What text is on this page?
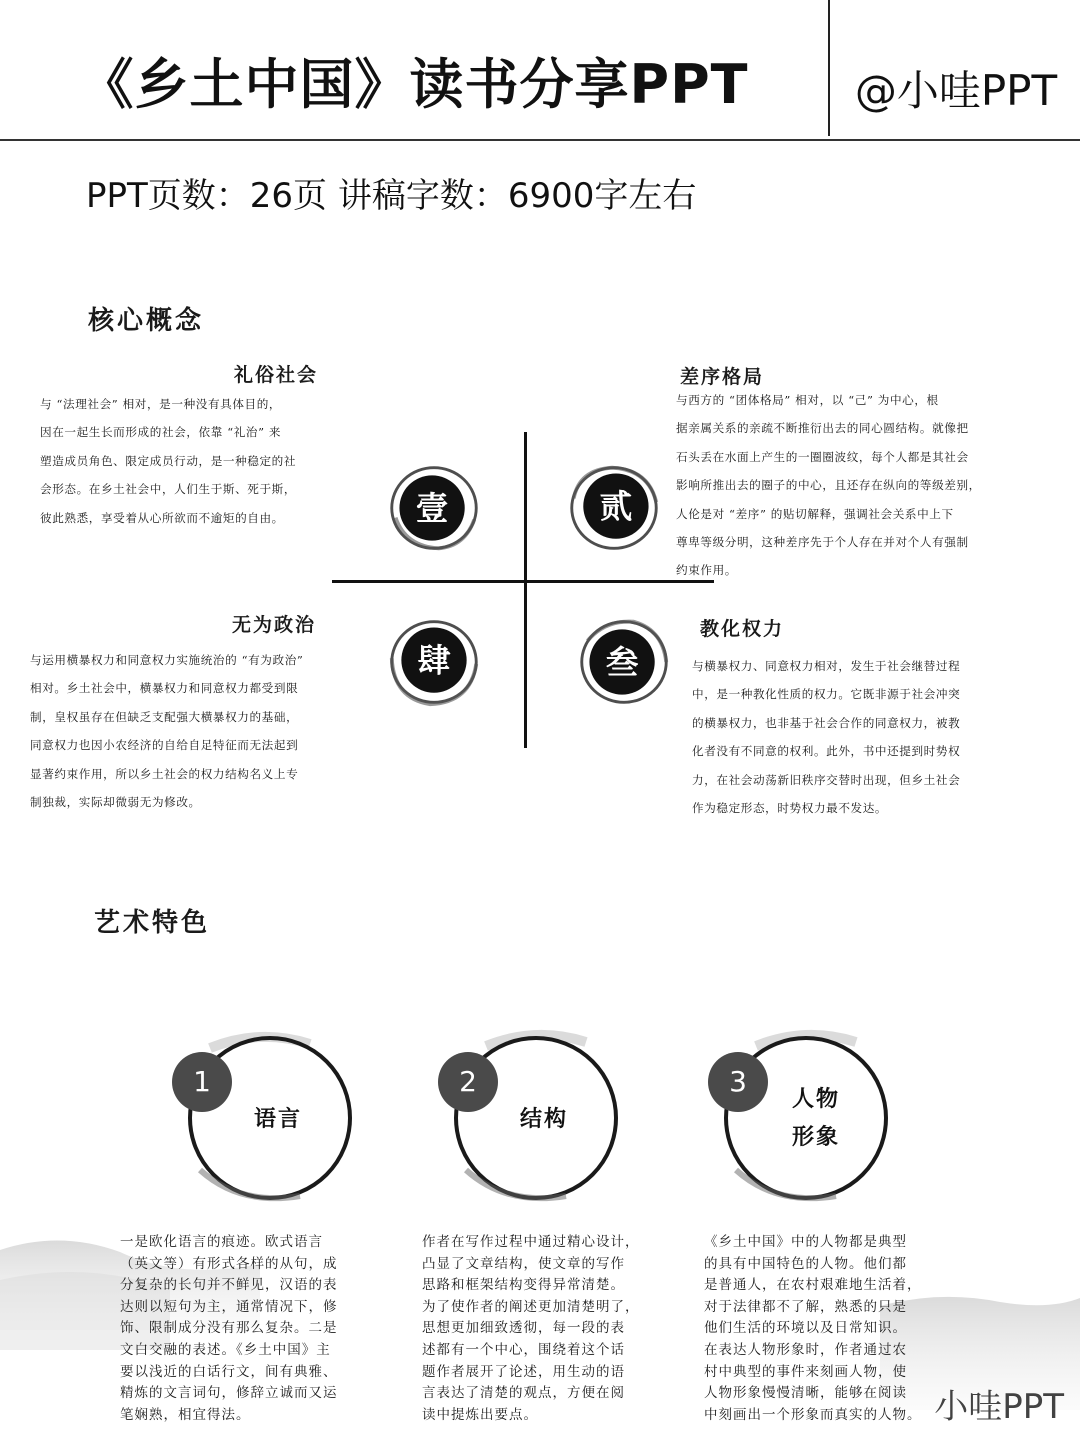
《乡土中国》读书分享PPT	@小哇PPT
PPT页数：26页 讲稿字数：6900字左右
核心概念
礼俗社会
与 “法理社会” 相对，是一种没有具体目的，
因在一起生长而形成的社会，依靠 “礼治” 来
塑造成员角色、限定成员行动，是一种稳定的社
会形态。在乡土社会中，人们生于斯、死于斯，
彼此熟悉，享受着从心所欲而不逾矩的自由。
差序格局
与西方的 “团体格局” 相对，以 “己” 为中心，根
据亲属关系的亲疏不断推衍出去的同心圆结构。就像把
石头丢在水面上产生的一圈圈波纹，每个人都是其社会
影响所推出去的圈子的中心，且还存在纵向的等级差别，
人伦是对 “差序” 的贴切解释，强调社会关系中上下
尊卑等级分明，这种差序先于个人存在并对个人有强制
约束作用。
无为政治
与运用横暴权力和同意权力实施统治的 “有为政治”
相对。乡土社会中，横暴权力和同意权力都受到限
制，皇权虽存在但缺乏支配强大横暴权力的基础，
同意权力也因小农经济的自给自足特征而无法起到
显著约束作用，所以乡土社会的权力结构名义上专
制独裁，实际却微弱无为修改。
教化权力
与横暴权力、同意权力相对，发生于社会继替过程
中，是一种教化性质的权力。它既非源于社会冲突
的横暴权力，也非基于社会合作的同意权力，被教
化者没有不同意的权利。此外，书中还提到时势权
力，在社会动荡新旧秩序交替时出现，但乡土社会
作为稳定形态，时势权力最不发达。
壹	贰
肆	叁
艺术特色
1
语言
2
结构
3
人物
形象
一是欧化语言的痕迹。欧式语言
（英文等）有形式各样的从句，成
分复杂的长句并不鲜见，汉语的表
达则以短句为主，通常情况下，修
饰、限制成分没有那么复杂。二是
文白交融的表述。《乡土中国》主
要以浅近的白话行文，间有典雅、
精炼的文言词句，修辞立诚而又运
笔娴熟，相宜得法。
作者在写作过程中通过精心设计，
凸显了文章结构，使文章的写作
思路和框架结构变得异常清楚。
为了使作者的阐述更加清楚明了，
思想更加细致透彻，每一段的表
述都有一个中心，围绕着这个话
题作者展开了论述，用生动的语
言表达了清楚的观点，方便在阅
读中提炼出要点。
《乡土中国》中的人物都是典型
的具有中国特色的人物。他们都
是普通人，在农村艰难地生活着，
对于法律都不了解，熟悉的只是
他们生活的环境以及日常知识。
在表达人物形象时，作者通过农
村中典型的事件来刻画人物，使
人物形象慢慢清晰，能够在阅读
中刻画出一个形象而真实的人物。 小哇PPT
